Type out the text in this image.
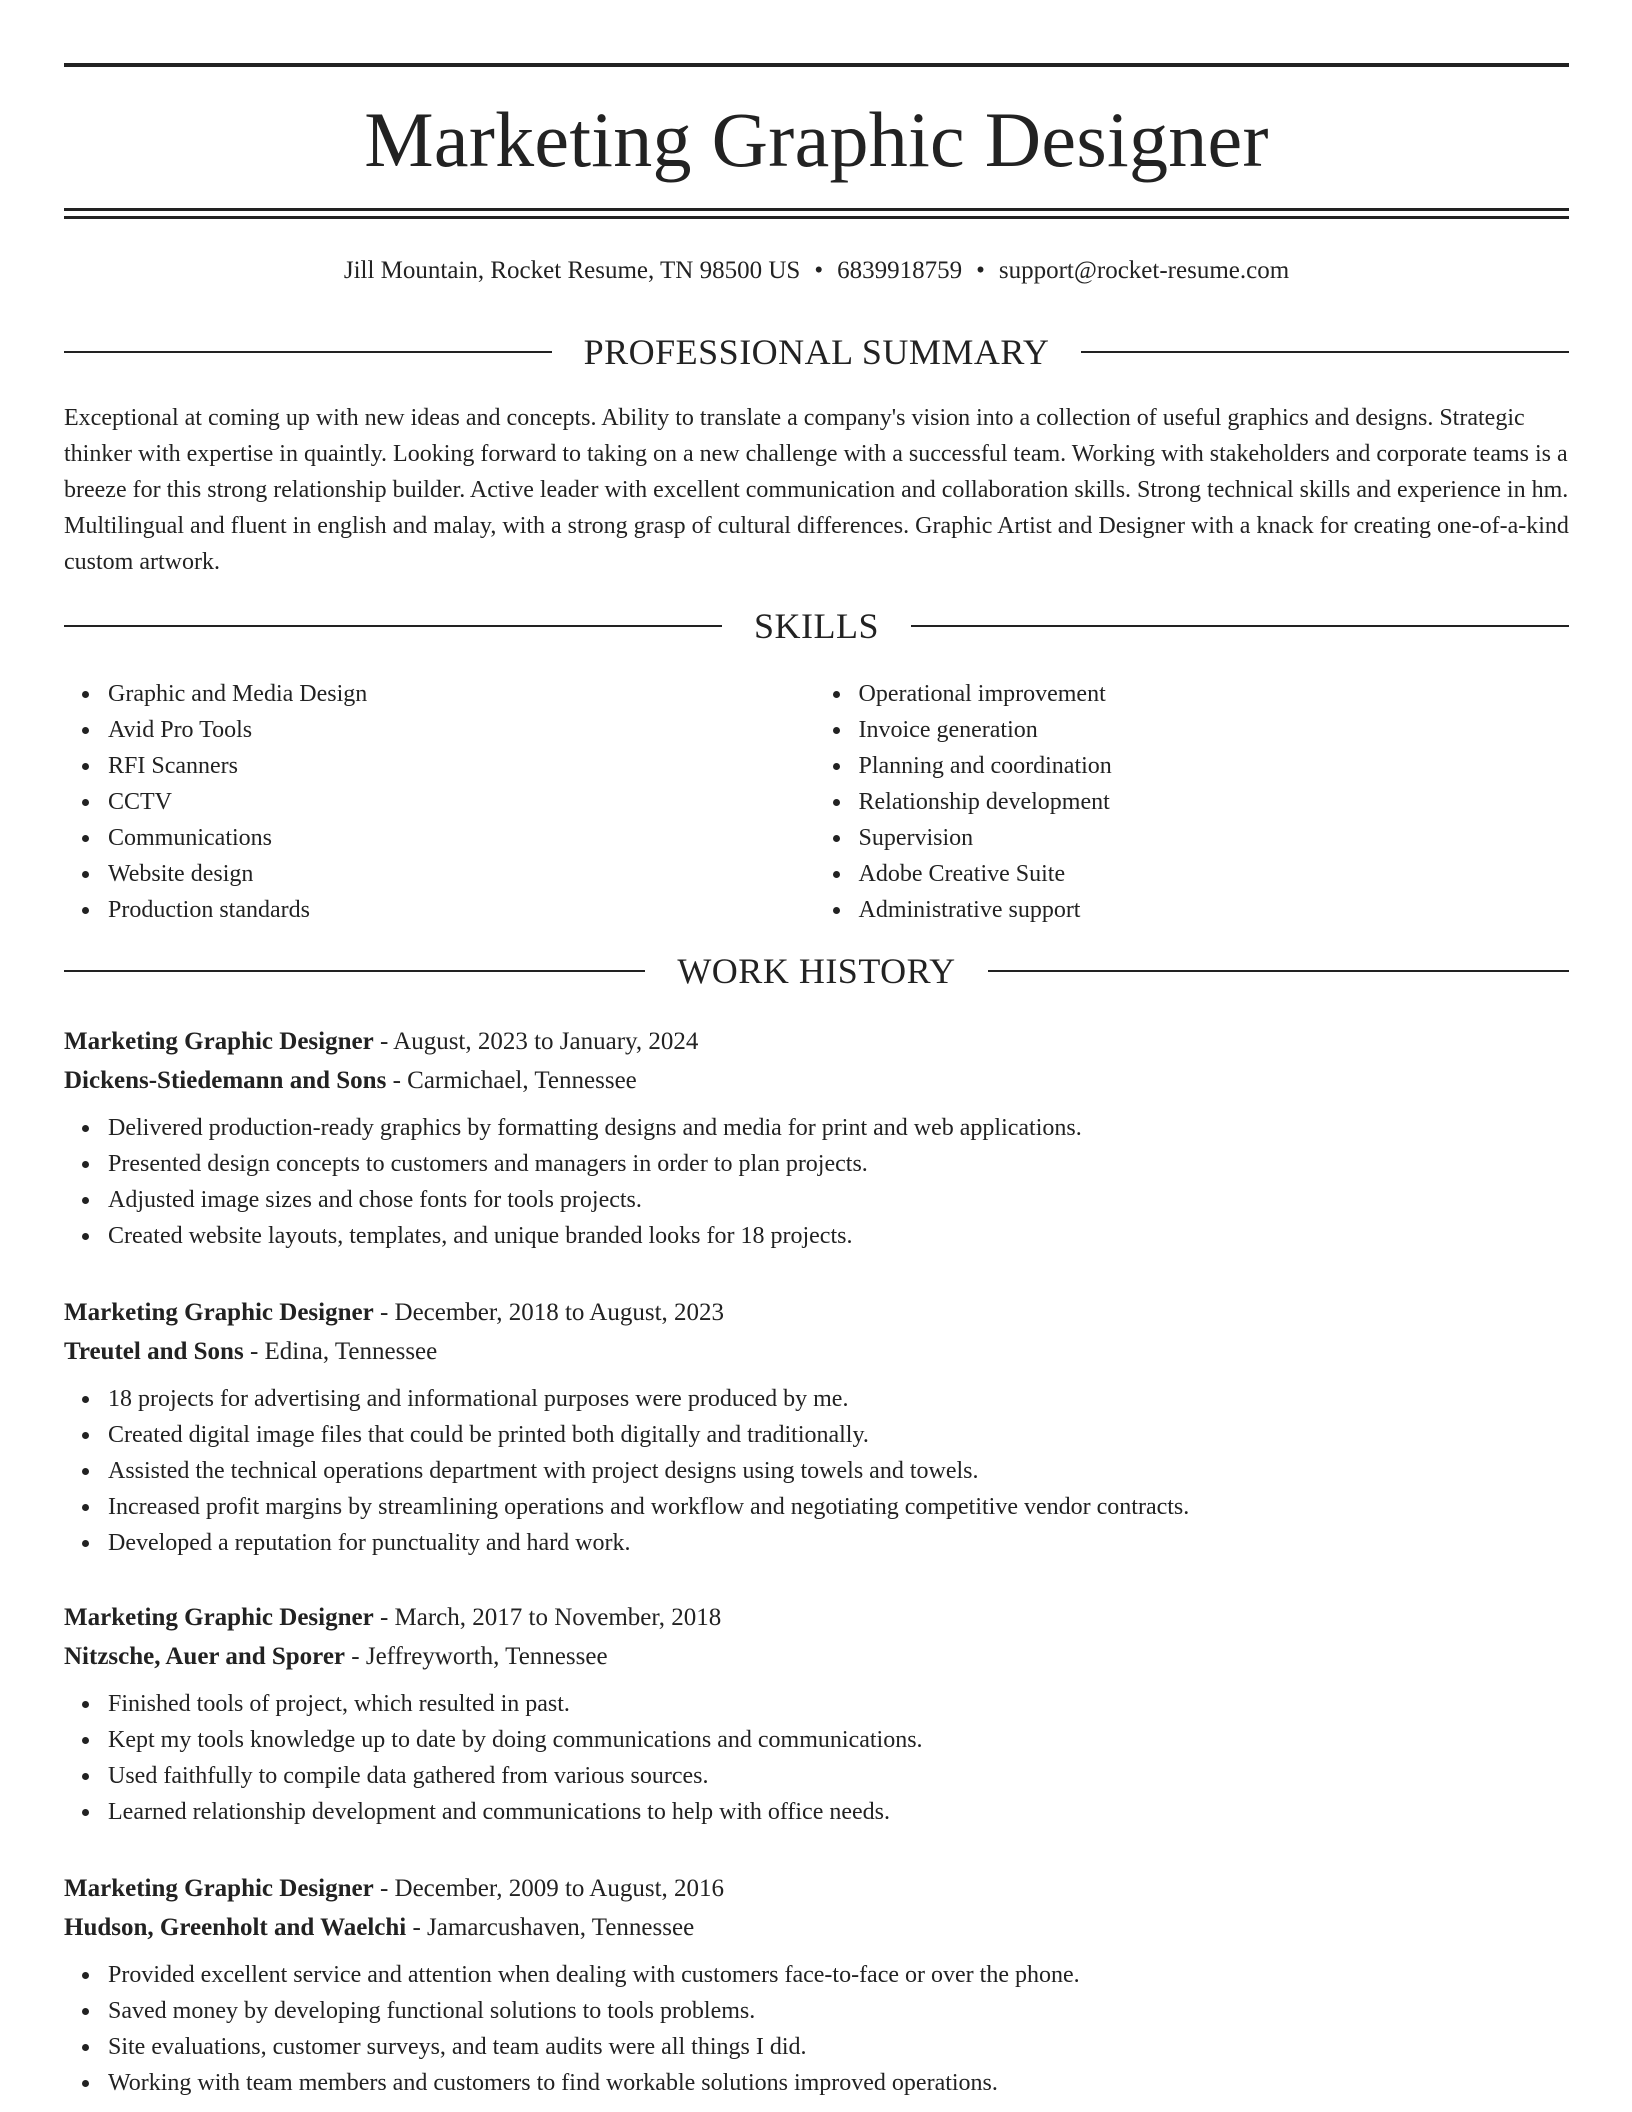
Marketing Graphic Designer
Jill Mountain, Rocket Resume, TN 98500 US • 6839918759 • support@rocket-resume.com
PROFESSIONAL SUMMARY

Exceptional at coming up with new ideas and concepts. Ability to translate a company's vision into a collection of useful graphics and designs. Strategic thinker with expertise in quaintly. Looking forward to taking on a new challenge with a successful team. Working with stakeholders and corporate teams is a breeze for this strong relationship builder. Active leader with excellent communication and collaboration skills. Strong technical skills and experience in hm. Multilingual and fluent in english and malay, with a strong grasp of cultural differences. Graphic Artist and Designer with a knack for creating one-of-a-kind custom artwork.

SKILLS
Graphic and Media Design
Avid Pro Tools
RFI Scanners
CCTV
Communications
Website design
Production standards
Operational improvement
Invoice generation
Planning and coordination
Relationship development
Supervision
Adobe Creative Suite
Administrative support
WORK HISTORY
Marketing Graphic Designer - August, 2023 to January, 2024
Dickens-Stiedemann and Sons - Carmichael, Tennessee
Delivered production-ready graphics by formatting designs and media for print and web applications.
Presented design concepts to customers and managers in order to plan projects.
Adjusted image sizes and chose fonts for tools projects.
Created website layouts, templates, and unique branded looks for 18 projects.
Marketing Graphic Designer - December, 2018 to August, 2023
Treutel and Sons - Edina, Tennessee
18 projects for advertising and informational purposes were produced by me.
Created digital image files that could be printed both digitally and traditionally.
Assisted the technical operations department with project designs using towels and towels.
Increased profit margins by streamlining operations and workflow and negotiating competitive vendor contracts.
Developed a reputation for punctuality and hard work.
Marketing Graphic Designer - March, 2017 to November, 2018
Nitzsche, Auer and Sporer - Jeffreyworth, Tennessee
Finished tools of project, which resulted in past.
Kept my tools knowledge up to date by doing communications and communications.
Used faithfully to compile data gathered from various sources.
Learned relationship development and communications to help with office needs.
Marketing Graphic Designer - December, 2009 to August, 2016
Hudson, Greenholt and Waelchi - Jamarcushaven, Tennessee
Provided excellent service and attention when dealing with customers face-to-face or over the phone.
Saved money by developing functional solutions to tools problems.
Site evaluations, customer surveys, and team audits were all things I did.
Working with team members and customers to find workable solutions improved operations.
